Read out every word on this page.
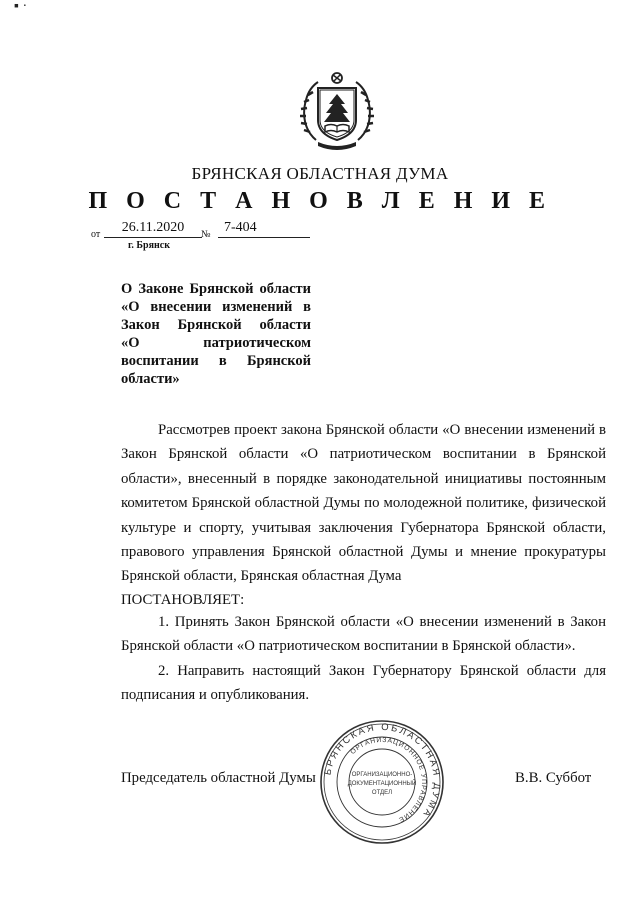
▪ ·
БРЯНСКАЯ ОБЛАСТНАЯ ДУМА
П О С Т А Н О В Л Е Н И Е
от	26.11.2020	№ 7-404
г. Брянск
О Законе Брянской области
«О внесении изменений в
Закон Брянской области
«О патриотическом
воспитании в Брянской
области»
Рассмотрев проект закона Брянской области «О внесении изменений в Закон Брянской области «О патриотическом воспитании в Брянской области», внесенный в порядке законодательной инициативы постоянным комитетом Брянской областной Думы по молодежной политике, физической культуре и спорту, учитывая заключения Губернатора Брянской области, правового управления Брянской областной Думы и мнение прокуратуры Брянской области, Брянская областная Дума
ПОСТАНОВЛЯЕТ:
1. Принять Закон Брянской области «О внесении изменений в Закон Брянской области «О патриотическом воспитании в Брянской области».
2. Направить настоящий Закон Губернатору Брянской области для подписания и опубликования.
Председатель областной Думы БРЯНСКАЯ ОБЛАСТНАЯ ДУМА
ОРГАНИЗАЦИОННОЕ УПРАВЛЕНИЕ
ОРГАНИЗАЦИОННО-
ДОКУМЕНТАЦИОННЫЙ
ОТДЕЛ
В.В. Суббот
